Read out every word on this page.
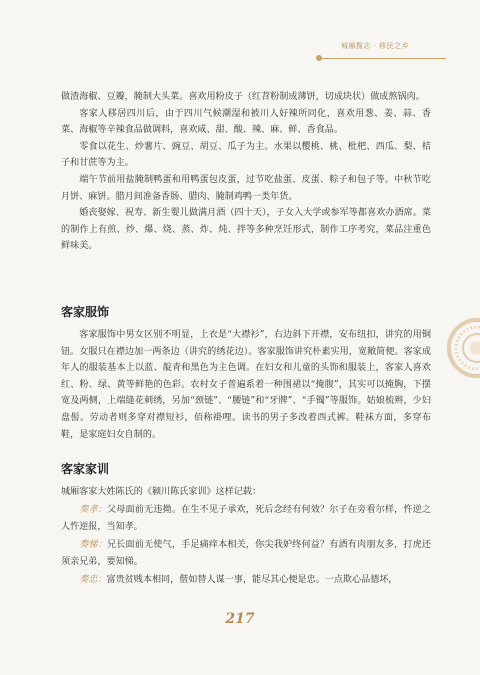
城厢揽志 · 移民之乡

做渣海椒、豆瓣，腌制大头菜。喜欢用粉皮子（红苕粉制成薄饼，切成块状）做成熬锅肉。

客家人移居四川后，由于四川气候潮湿和被川人好辣所同化，喜欢用葱、姜、蒜、香菜、海椒等辛辣食品做调料，喜欢咸、甜、酸、辣、麻、鲜、香食品。

零食以花生、炒薯片、豌豆、胡豆、瓜子为主。水果以樱桃、桃、枇杷、西瓜、梨、桔子和甘蔗等为主。

端午节前用盐腌制鸭蛋和用鸭蛋包皮蛋，过节吃盐蛋、皮蛋、粽子和包子等。中秋节吃月饼、麻饼。腊月间准备香肠、腊肉、腌制鸡鸭一类年货。

婚丧娶嫁、祝寿、新生婴儿做满月酒（四十天），子女入大学或参军等都喜欢办酒席。菜的制作上有煎、炒、爆、烧、蒸、炸、炖、拌等多种烹饪形式，制作工序考究，菜品注重色鲜味美。

客家服饰

客家服饰中男女区别不明显，上衣是“大襟衫”，右边斜下开襟，安布纽扣，讲究的用铜钮。女服只在襟边加一两条边（讲究的绣花边）。客家服饰讲究朴素实用，宽敞简便。客家成年人的服装基本上以蓝、靛青和黑色为主色调。在妇女和儿童的头饰和服装上，客家人喜欢红、粉、绿、黄等鲜艳的色彩。农村女子普遍系着一种围裙以“掩腹”，其实可以掩胸，下摆宽及两侧，上端缝花刺绣，另加“颈链”、“腰链”和“牙牌”、“手镯”等服饰。姑娘梳辫，少妇盘髻。劳动者则多穿对襟短衫，佰称褂哩。读书的男子多改着西式裤。鞋袜方面，多穿布鞋，是家庭妇女自制的。

客家家训

城厢客家大姓陈氏的《颍川陈氏家训》这样记载：

奏孝：父母面前无违拗。在生不见子承欢，死后念经有何效？尔子在旁看尔样，忤逆之人忤逆报，当知孝。

奏悌：兄长面前无使气，手足痛痒本相关，你尖我妒终何益？有酒有肉朋友多，打虎还须亲兄弟，要知悌。

奏忠：富贵贫贱本相同，偕如替人谋一事，能尽其心便是忠。一点欺心品德坏，

217
